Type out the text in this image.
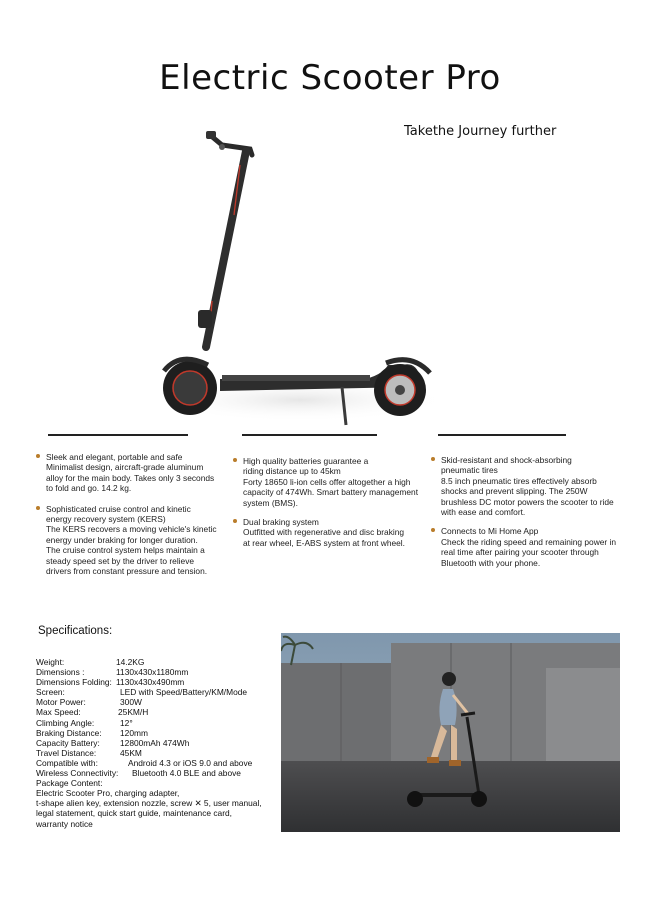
Electric Scooter Pro
Takethe Journey further
Sleek and elegant, portable and safe
Minimalist design, aircraft-grade aluminum
alloy for the main body. Takes only 3 seconds
to fold and go. 14.2 kg.
Sophisticated cruise control and kinetic
energy recovery system (KERS)
The KERS recovers a moving vehicle's kinetic
energy under braking for longer duration.
The cruise control system helps maintain a
steady speed set by the driver to relieve
drivers from constant pressure and tension.
High quality batteries guarantee a
riding distance up to 45km
Forty 18650 li-ion cells offer altogether a high
capacity of 474Wh. Smart battery management
system (BMS).
Dual braking system
Outfitted with regenerative and disc braking
at rear wheel, E-ABS system at front wheel.
Skid-resistant and shock-absorbing
pneumatic tires
8.5 inch pneumatic tires effectively absorb
shocks and prevent slipping. The 250W
brushless DC motor powers the scooter to ride
with ease and comfort.
Connects to Mi Home App
Check the riding speed and remaining power in
real time after pairing your scooter through
Bluetooth with your phone.
Specifications:
Weight:	14.2KG
Dimensions :	1130x430x1180mm
Dimensions Folding: 1130x430x490mm
Screen:	LED with Speed/Battery/KM/Mode
Motor Power:	300W
Max Speed:	25KM/H
Climbing Angle:	12°
Braking Distance: 120mm
Capacity Battery: 12800mAh 474Wh
Travel Distance:	45KM
Compatible with:	Android 4.3 or iOS 9.0 and above
Wireless Connectivity: Bluetooth 4.0 BLE and above
Package Content:
Electric Scooter Pro, charging adapter,
t-shape alien key, extension nozzle, screw ✕ 5, user manual,
legal statement, quick start guide, maintenance card,
warranty notice
